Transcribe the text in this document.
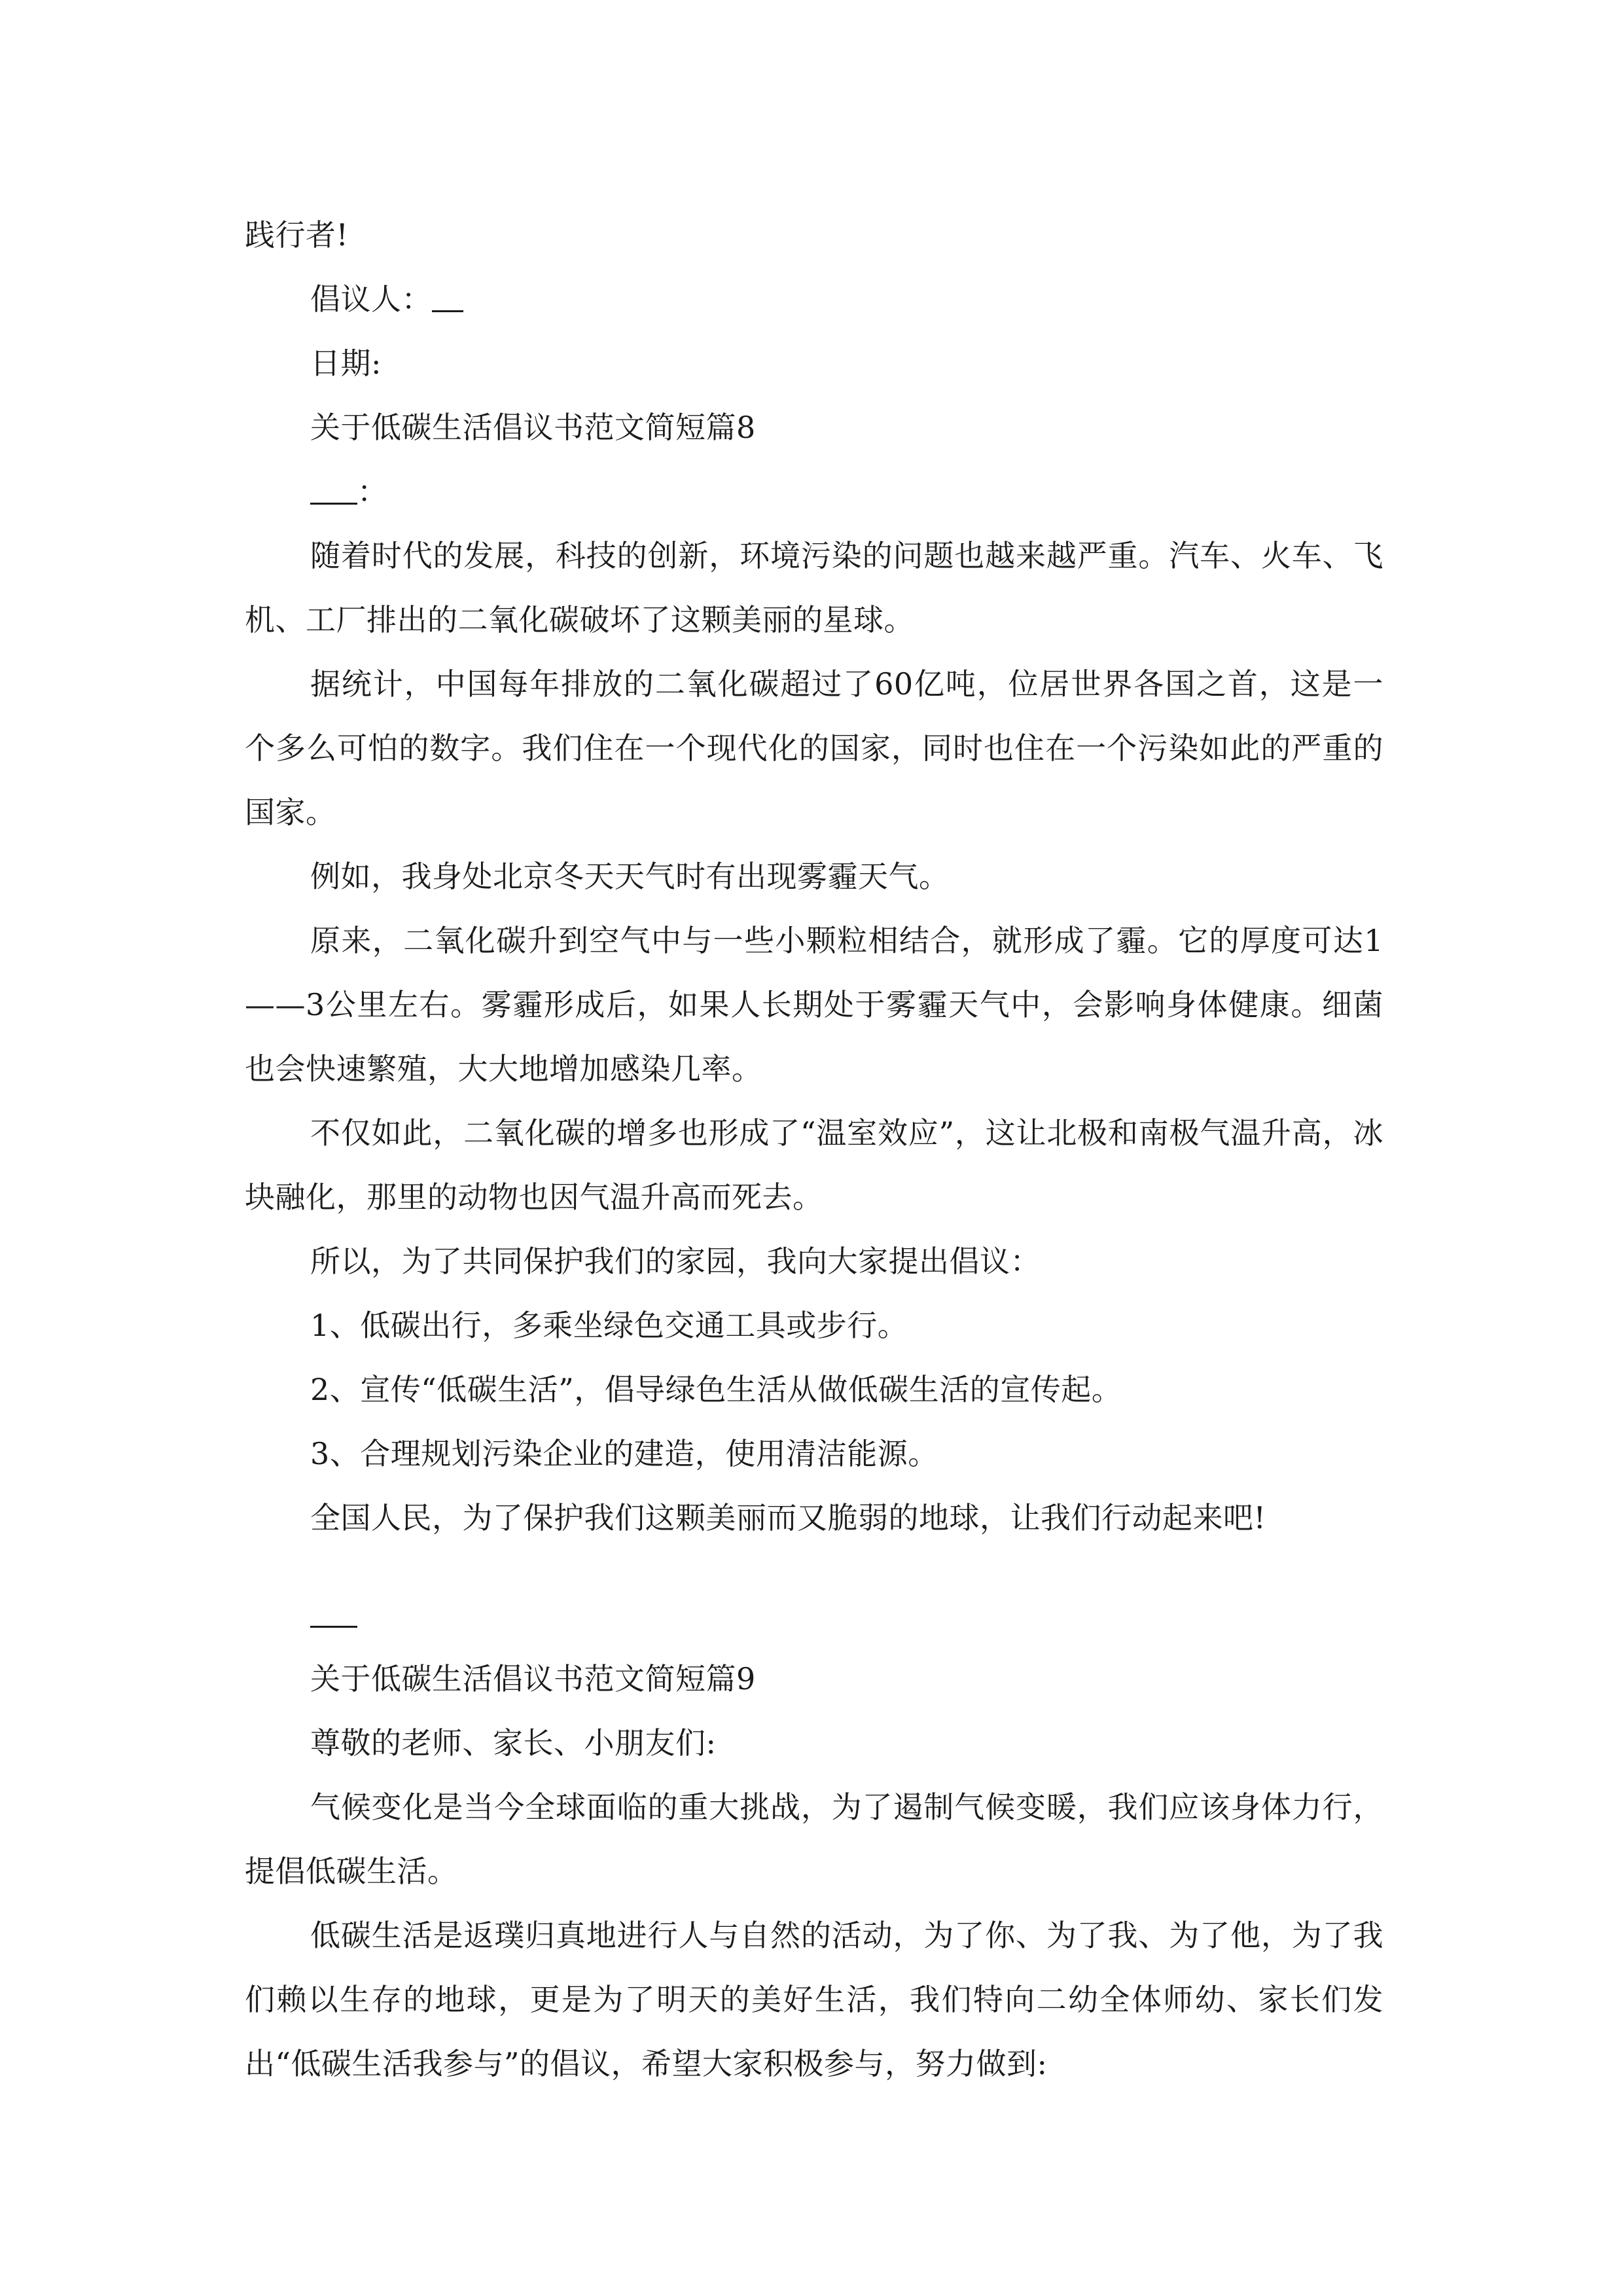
践行者!

倡议人：

日期:

关于低碳生活倡议书范文简短篇8

：

随着时代的发展，科技的创新，环境污染的问题也越来越严重。汽车、火车、飞机、工厂排出的二氧化碳破坏了这颗美丽的星球。

据统计，中国每年排放的二氧化碳超过了60亿吨，位居世界各国之首，这是一个多么可怕的数字。我们住在一个现代化的国家，同时也住在一个污染如此的严重的国家。

例如，我身处北京冬天天气时有出现雾霾天气。

原来，二氧化碳升到空气中与一些小颗粒相结合，就形成了霾。它的厚度可达1——3公里左右。雾霾形成后，如果人长期处于雾霾天气中，会影响身体健康。细菌也会快速繁殖，大大地增加感染几率。

不仅如此，二氧化碳的增多也形成了“温室效应”，这让北极和南极气温升高，冰块融化，那里的动物也因气温升高而死去。

所以，为了共同保护我们的家园，我向大家提出倡议：

1、低碳出行，多乘坐绿色交通工具或步行。

2、宣传“低碳生活”，倡导绿色生活从做低碳生活的宣传起。

3、合理规划污染企业的建造，使用清洁能源。

全国人民，为了保护我们这颗美丽而又脆弱的地球，让我们行动起来吧!

关于低碳生活倡议书范文简短篇9

尊敬的老师、家长、小朋友们:

气候变化是当今全球面临的重大挑战，为了遏制气候变暖，我们应该身体力行，提倡低碳生活。

低碳生活是返璞归真地进行人与自然的活动，为了你、为了我、为了他，为了我们赖以生存的地球，更是为了明天的美好生活，我们特向二幼全体师幼、家长们发出“低碳生活我参与”的倡议，希望大家积极参与，努力做到:
